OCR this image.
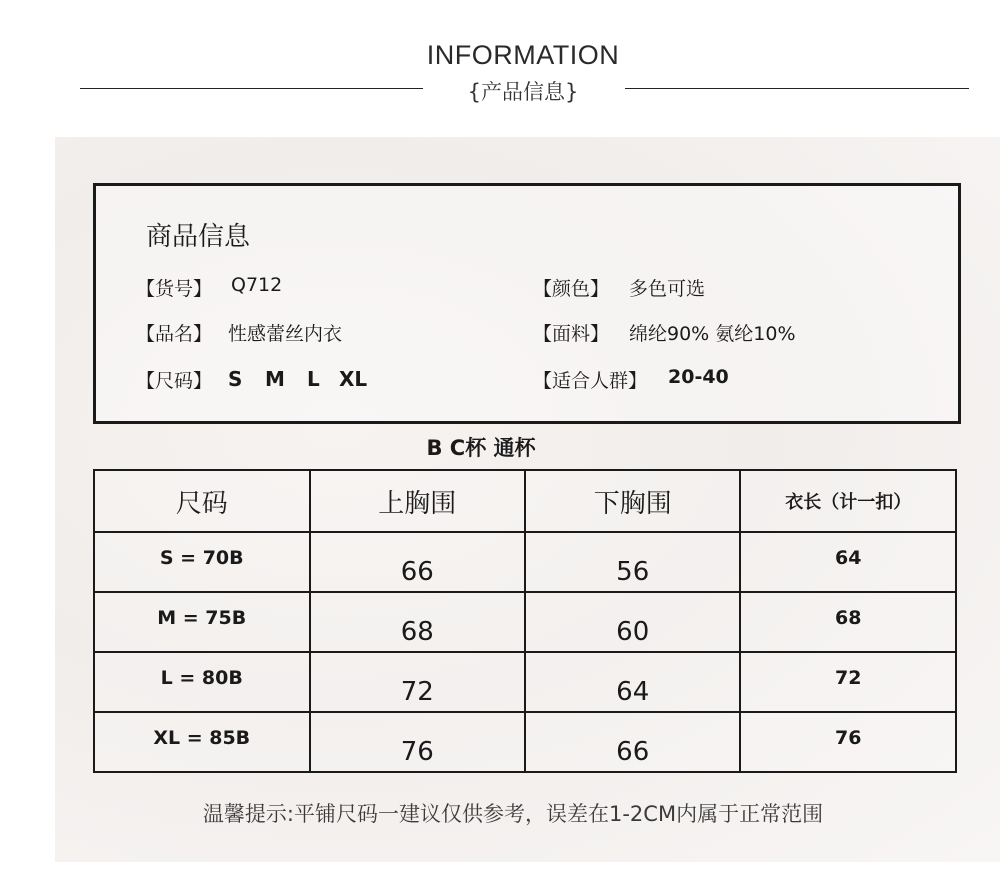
INFORMATION
{产品信息}
商品信息
【货号】 Q712	【颜色】 多色可选
【品名】 性感蕾丝内衣	【面料】 绵纶90% 氨纶10%
【尺码】 S	M	L XL	【适合人群】 20-40
B C杯 通杯
尺码	上胸围	下胸围	衣长（计一扣）
S = 70B	66	56	64
M = 75B	68	60	68
L = 80B	72	64	72
XL = 85B	76	66	76
温馨提示:平铺尺码一建议仅供参考，误差在1-2CM内属于正常范围
